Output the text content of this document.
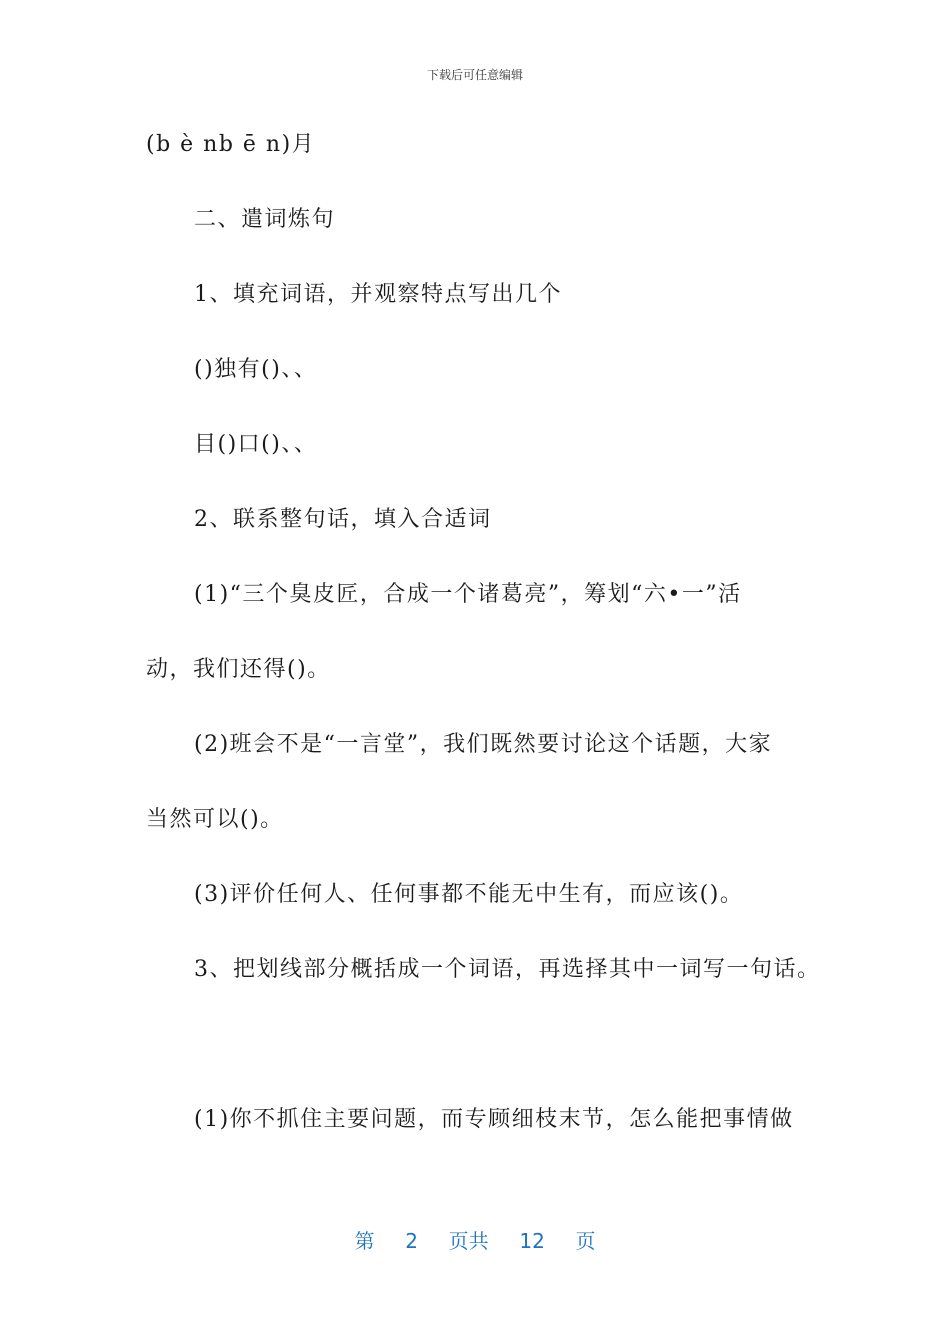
下载后可任意编辑
(b è nb ē n)月
二、遣词炼句
1、填充词语，并观察特点写出几个
()独有()、、
目()口()、、
2、联系整句话，填入合适词
(1)“三个臭皮匠，合成一个诸葛亮”，筹划“六•一”活
动，我们还得()。
(2)班会不是“一言堂”，我们既然要讨论这个话题，大家
当然可以()。
(3)评价任何人、任何事都不能无中生有，而应该()。
3、把划线部分概括成一个词语，再选择其中一词写一句话。
(1)你不抓住主要问题，而专顾细枝末节，怎么能把事情做
第 2 页共 12 页
